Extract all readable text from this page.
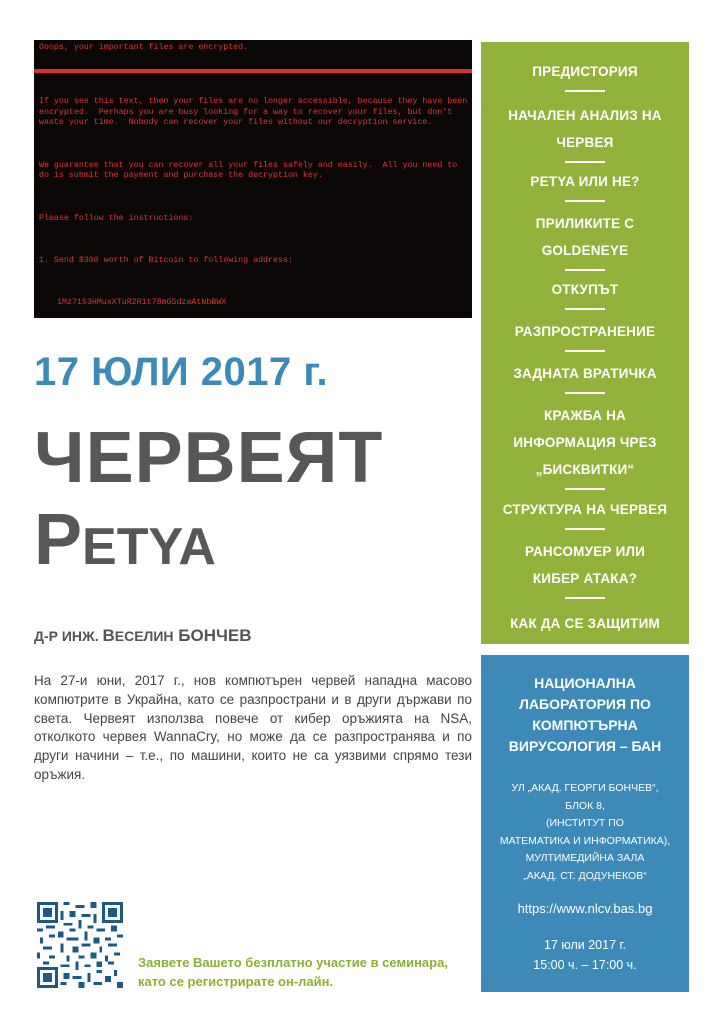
Ooops, your important files are encrypted.

If you see this text, then your files are no longer accessible, because they have been encrypted.  Perhaps you are busy looking for a way to recover your files, but don't waste your time.  Nobody can recover your files without our decryption service.

We guarantee that you can recover all your files safely and easily.  All you need to do is submit the payment and purchase the decryption key.

Please follow the instructions:

1. Send $300 worth of Bitcoin to following address:

1Mz7153HMuxXTuR2R1t78mGSdzaAtNbBWX

17 ЮЛИ 2017 г.
ЧЕРВЕЯТ
PETYA
Д-Р ИНЖ. ВЕСЕЛИН БОНЧЕВ
На 27-и юни, 2017 г., нов компютърен червей нападна масово компютрите в Украйна, като се разпространи и в други държави по света. Червеят използва повече от кибер оръжията на NSA, отколкото червея WannaCry, но може да се разпространява и по други начини – т.е., по машини, които не са уязвими спрямо тези оръжия.
Заявете Вашето безплатно участие в семинара, като се регистрирате он-лайн.
ПРЕДИСТОРИЯ
НАЧАЛЕН АНАЛИЗ НА
ЧЕРВЕЯ
PETYA ИЛИ НЕ?
ПРИЛИКИТЕ С
GOLDENEYE
ОТКУПЪТ
РАЗПРОСТРАНЕНИЕ
ЗАДНАТА ВРАТИЧКА
КРАЖБА НА
ИНФОРМАЦИЯ ЧРЕЗ
„БИСКВИТКИ“
СТРУКТУРА НА ЧЕРВЕЯ
РАНСОМУЕР ИЛИ
КИБЕР АТАКА?
КАК ДА СЕ ЗАЩИТИМ
НАЦИОНАЛНА ЛАБОРАТОРИЯ ПО КОМПЮТЪРНА ВИРУСОЛОГИЯ – БАН
УЛ „АКАД. ГЕОРГИ БОНЧЕВ“,
БЛОК 8,
(ИНСТИТУТ ПО
МАТЕМАТИКА И ИНФОРМАТИКА),
МУЛТИМЕДИЙНА ЗАЛА
„АКАД. СТ. ДОДУНЕКОВ“
https://www.nlcv.bas.bg
17 юли 2017 г.
15:00 ч. – 17:00 ч.
